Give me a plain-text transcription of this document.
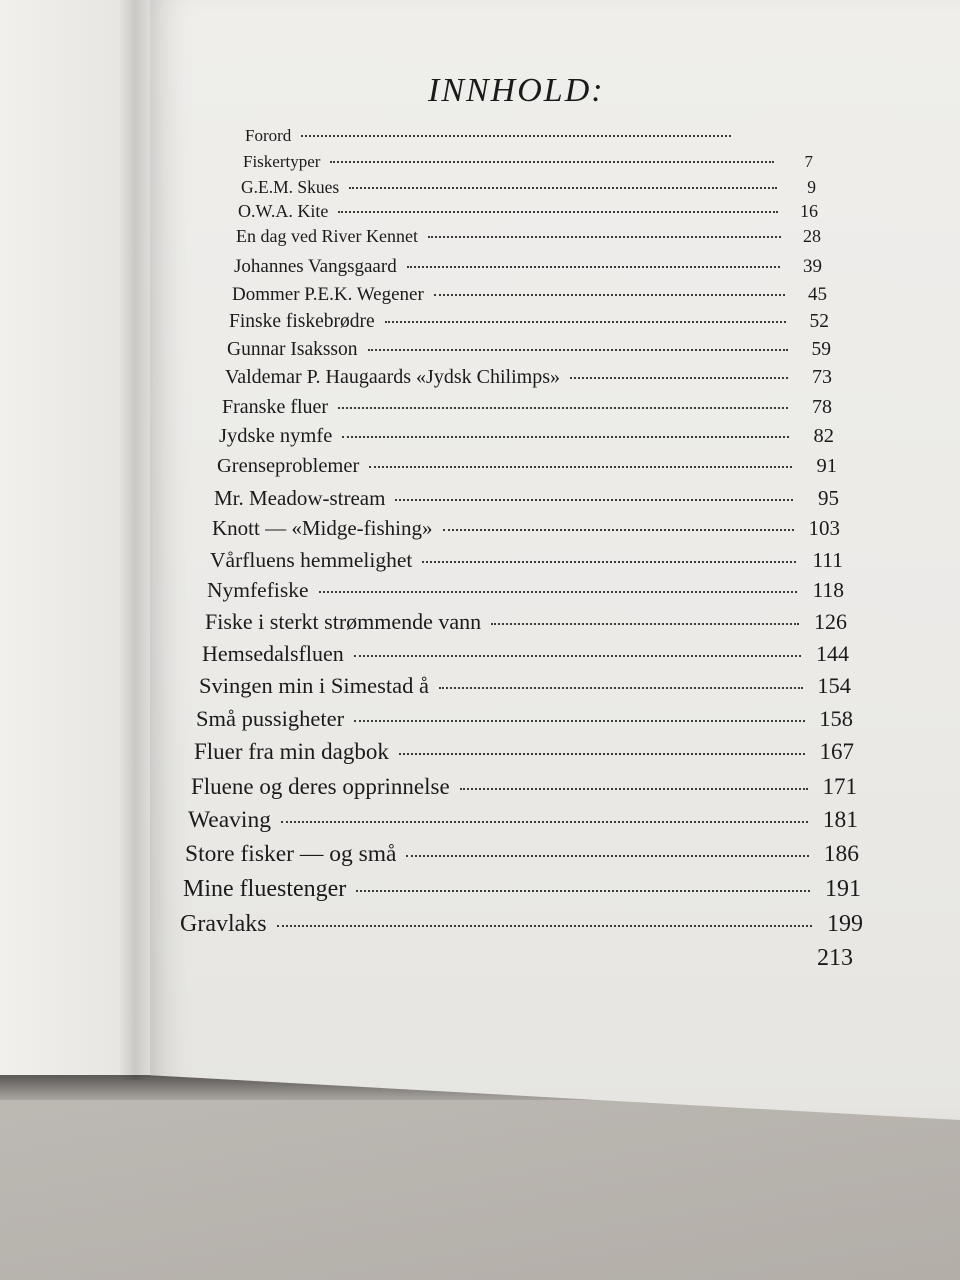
INNHOLD:
Forord
Fiskertyper	7
G.E.M. Skues	9
O.W.A. Kite	16
En dag ved River Kennet	28
Johannes Vangsgaard	39
Dommer P.E.K. Wegener	45
Finske fiskebrødre	52
Gunnar Isaksson	59
Valdemar P. Haugaards «Jydsk Chilimps»	73
Franske fluer	78
Jydske nymfe	82
Grenseproblemer	91
Mr. Meadow-stream	95
Knott — «Midge-fishing»	103
Vårfluens hemmelighet	111
Nymfefiske	118
Fiske i sterkt strømmende vann	126
Hemsedalsfluen	144
Svingen min i Simestad å	154
Små pussigheter	158
Fluer fra min dagbok	167
Fluene og deres opprinnelse	171
Weaving	181
Store fisker — og små	186
Mine fluestenger	191
Gravlaks	199
213
